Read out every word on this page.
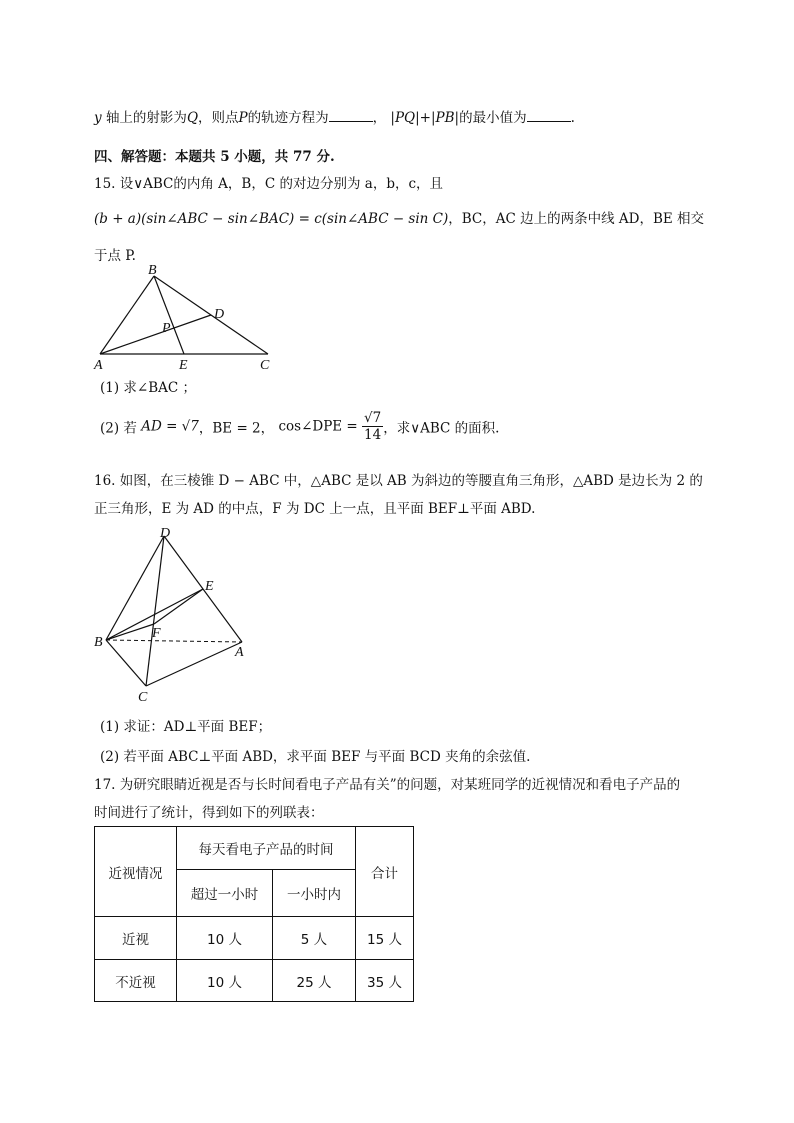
y 轴上的射影为Q，则点P的轨迹方程为	， |PQ|+|PB|的最小值为	.
四、解答题：本题共 5 小题，共 77 分.
15. 设∨ABC的内角 A，B，C 的对边分别为 a，b，c，且
(b + a)(sin∠ABC − sin∠BAC) = c(sin∠ABC − sin C)，BC，AC 边上的两条中线 AD，BE 相交
于点 P.
B
D
P
A	E	C
(1) 求∠BAC ；
(2) 若 AD = √7，BE = 2， cos∠DPE = $\frac{√7}{14}$ ，求∨ABC 的面积.
16. 如图，在三棱锥 D − ABC 中，△ABC 是以 AB 为斜边的等腰直角三角形，△ABD 是边长为 2 的
正三角形，E 为 AD 的中点，F 为 DC 上一点，且平面 BEF⊥平面 ABD.
D
E
F
B
A
C
(1) 求证：AD⊥平面 BEF；
(2) 若平面 ABC⊥平面 ABD，求平面 BEF 与平面 BCD 夹角的余弦值.
17. 为研究眼睛近视是否与长时间看电子产品有关”的问题，对某班同学的近视情况和看电子产品的
时间进行了统计，得到如下的列联表：
近视情况	每天看电子产品的时间		合计
	超过一小时	一小时内	
近视	10 人	5 人	15 人
不近视	10 人	25 人	35 人
